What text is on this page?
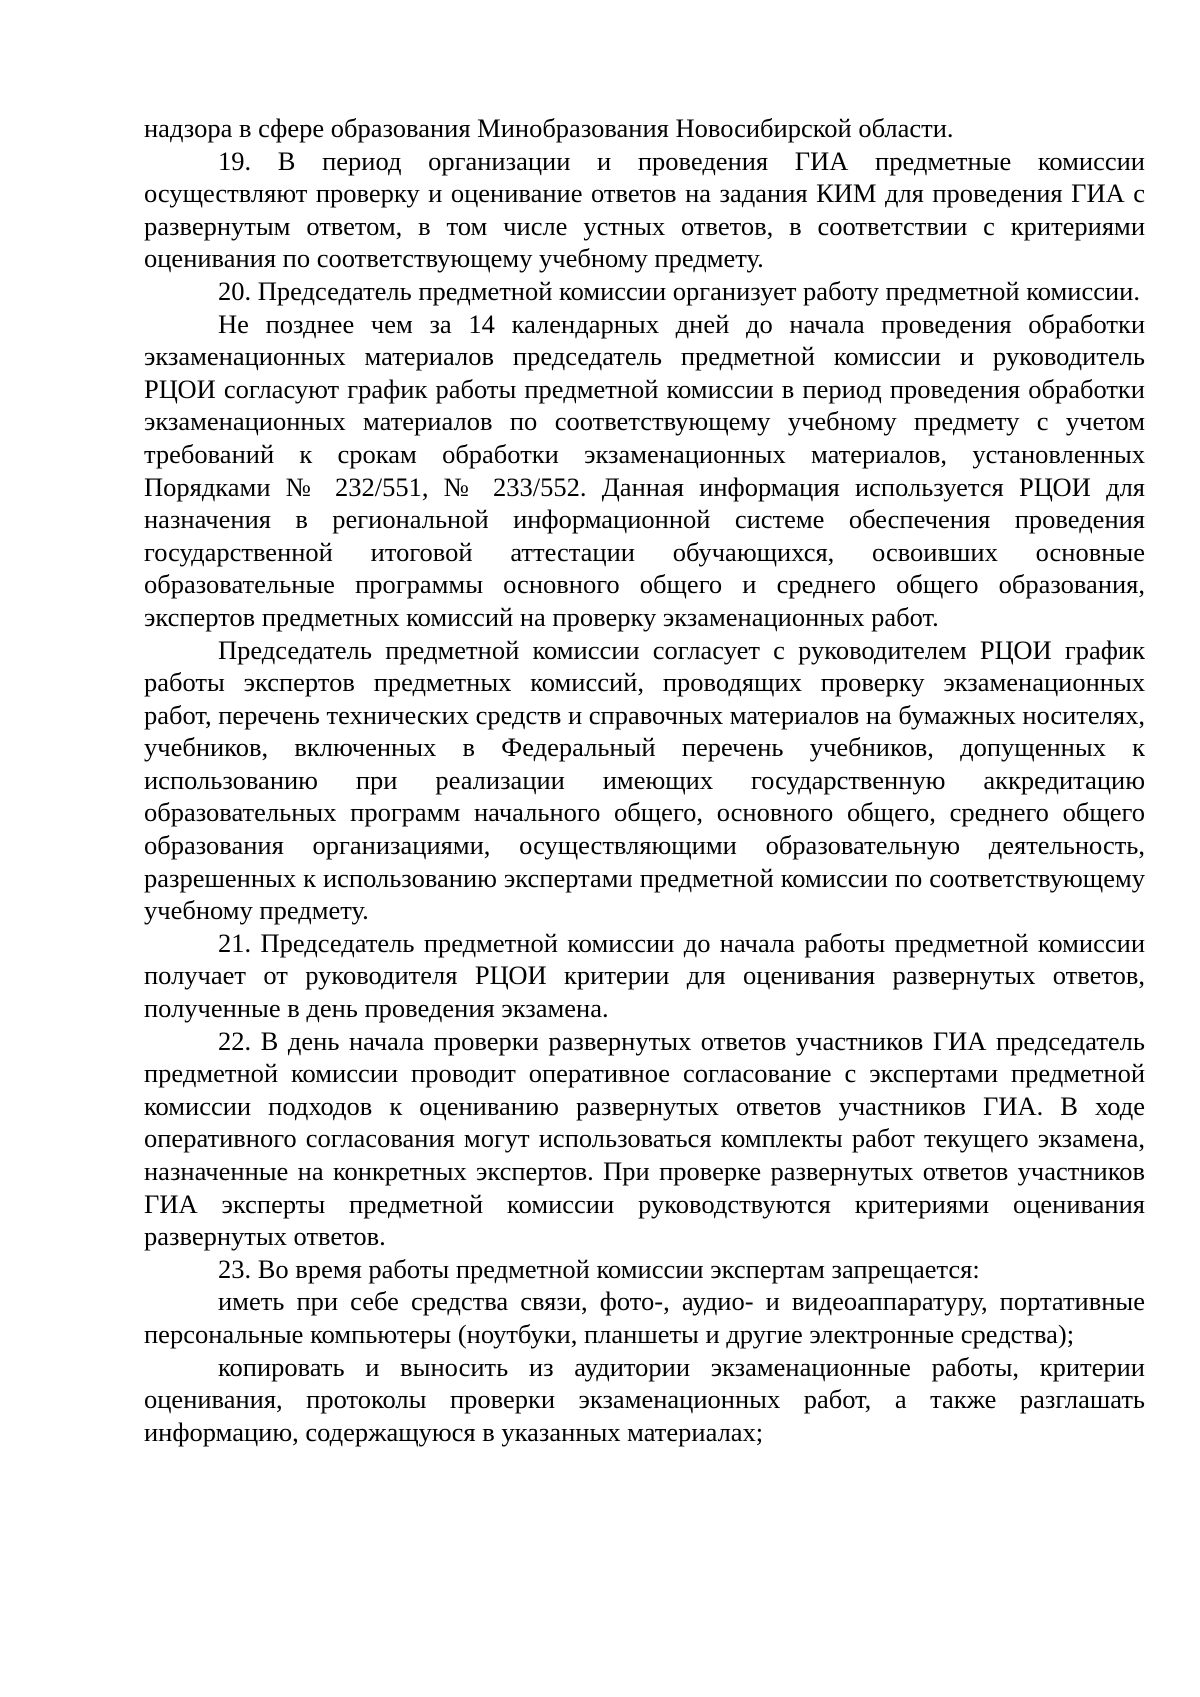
надзора в сфере образования Минобразования Новосибирской области.

19. В период организации и проведения ГИА предметные комиссии осуществляют проверку и оценивание ответов на задания КИМ для проведения ГИА с развернутым ответом, в том числе устных ответов, в соответствии с критериями оценивания по соответствующему учебному предмету.

20. Председатель предметной комиссии организует работу предметной комиссии.

Не позднее чем за 14 календарных дней до начала проведения обработки экзаменационных материалов председатель предметной комиссии и руководитель РЦОИ согласуют график работы предметной комиссии в период проведения обработки экзаменационных материалов по соответствующему учебному предмету с учетом требований к срокам обработки экзаменационных материалов, установленных Порядками № 232/551, № 233/552. Данная информация используется РЦОИ для назначения в региональной информационной системе обеспечения проведения государственной итоговой аттестации обучающихся, освоивших основные образовательные программы основного общего и среднего общего образования, экспертов предметных комиссий на проверку экзаменационных работ.

Председатель предметной комиссии согласует с руководителем РЦОИ график работы экспертов предметных комиссий, проводящих проверку экзаменационных работ, перечень технических средств и справочных материалов на бумажных носителях, учебников, включенных в Федеральный перечень учебников, допущенных к использованию при реализации имеющих государственную аккредитацию образовательных программ начального общего, основного общего, среднего общего образования организациями, осуществляющими образовательную деятельность, разрешенных к использованию экспертами предметной комиссии по соответствующему учебному предмету.

21. Председатель предметной комиссии до начала работы предметной комиссии получает от руководителя РЦОИ критерии для оценивания развернутых ответов, полученные в день проведения экзамена.

22. В день начала проверки развернутых ответов участников ГИА председатель предметной комиссии проводит оперативное согласование с экспертами предметной комиссии подходов к оцениванию развернутых ответов участников ГИА. В ходе оперативного согласования могут использоваться комплекты работ текущего экзамена, назначенные на конкретных экспертов. При проверке развернутых ответов участников ГИА эксперты предметной комиссии руководствуются критериями оценивания развернутых ответов.

23. Во время работы предметной комиссии экспертам запрещается:

иметь при себе средства связи, фото-, аудио- и видеоаппаратуру, портативные персональные компьютеры (ноутбуки, планшеты и другие электронные средства);

копировать и выносить из аудитории экзаменационные работы, критерии оценивания, протоколы проверки экзаменационных работ, а также разглашать информацию, содержащуюся в указанных материалах;
